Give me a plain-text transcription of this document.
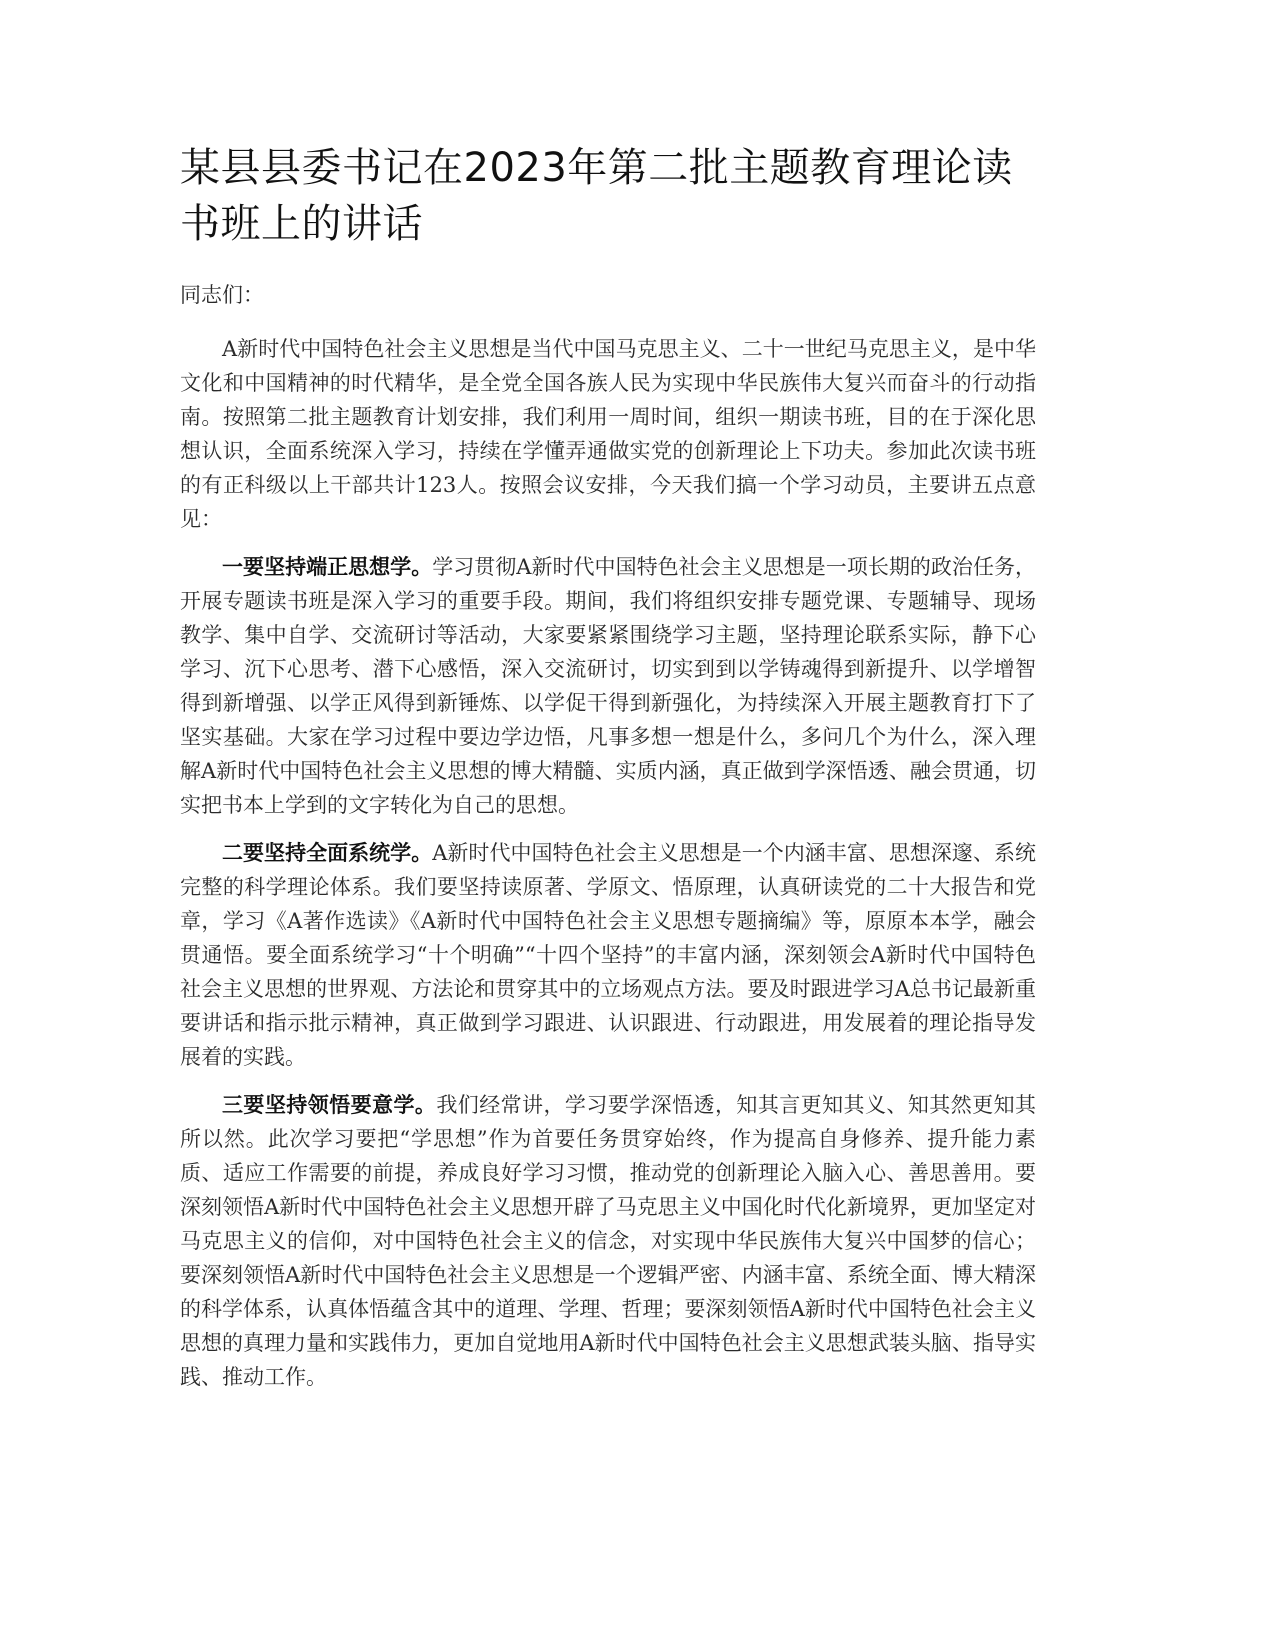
某县县委书记在2023年第二批主题教育理论读书班上的讲话

同志们：

A新时代中国特色社会主义思想是当代中国马克思主义、二十一世纪马克思主义，是中华文化和中国精神的时代精华，是全党全国各族人民为实现中华民族伟大复兴而奋斗的行动指南。按照第二批主题教育计划安排，我们利用一周时间，组织一期读书班，目的在于深化思想认识，全面系统深入学习，持续在学懂弄通做实党的创新理论上下功夫。参加此次读书班的有正科级以上干部共计123人。按照会议安排，今天我们搞一个学习动员，主要讲五点意见：

一要坚持端正思想学。学习贯彻A新时代中国特色社会主义思想是一项长期的政治任务，开展专题读书班是深入学习的重要手段。期间，我们将组织安排专题党课、专题辅导、现场教学、集中自学、交流研讨等活动，大家要紧紧围绕学习主题，坚持理论联系实际，静下心学习、沉下心思考、潜下心感悟，深入交流研讨，切实到到以学铸魂得到新提升、以学增智得到新增强、以学正风得到新锤炼、以学促干得到新强化，为持续深入开展主题教育打下了坚实基础。大家在学习过程中要边学边悟，凡事多想一想是什么，多问几个为什么，深入理解A新时代中国特色社会主义思想的博大精髓、实质内涵，真正做到学深悟透、融会贯通，切实把书本上学到的文字转化为自己的思想。

二要坚持全面系统学。A新时代中国特色社会主义思想是一个内涵丰富、思想深邃、系统完整的科学理论体系。我们要坚持读原著、学原文、悟原理，认真研读党的二十大报告和党章，学习《A著作选读》《A新时代中国特色社会主义思想专题摘编》等，原原本本学，融会贯通悟。要全面系统学习“十个明确”“十四个坚持”的丰富内涵，深刻领会A新时代中国特色社会主义思想的世界观、方法论和贯穿其中的立场观点方法。要及时跟进学习A总书记最新重要讲话和指示批示精神，真正做到学习跟进、认识跟进、行动跟进，用发展着的理论指导发展着的实践。

三要坚持领悟要意学。我们经常讲，学习要学深悟透，知其言更知其义、知其然更知其所以然。此次学习要把“学思想”作为首要任务贯穿始终，作为提高自身修养、提升能力素质、适应工作需要的前提，养成良好学习习惯，推动党的创新理论入脑入心、善思善用。要深刻领悟A新时代中国特色社会主义思想开辟了马克思主义中国化时代化新境界，更加坚定对马克思主义的信仰，对中国特色社会主义的信念，对实现中华民族伟大复兴中国梦的信心；要深刻领悟A新时代中国特色社会主义思想是一个逻辑严密、内涵丰富、系统全面、博大精深的科学体系，认真体悟蕴含其中的道理、学理、哲理；要深刻领悟A新时代中国特色社会主义思想的真理力量和实践伟力，更加自觉地用A新时代中国特色社会主义思想武装头脑、指导实践、推动工作。
